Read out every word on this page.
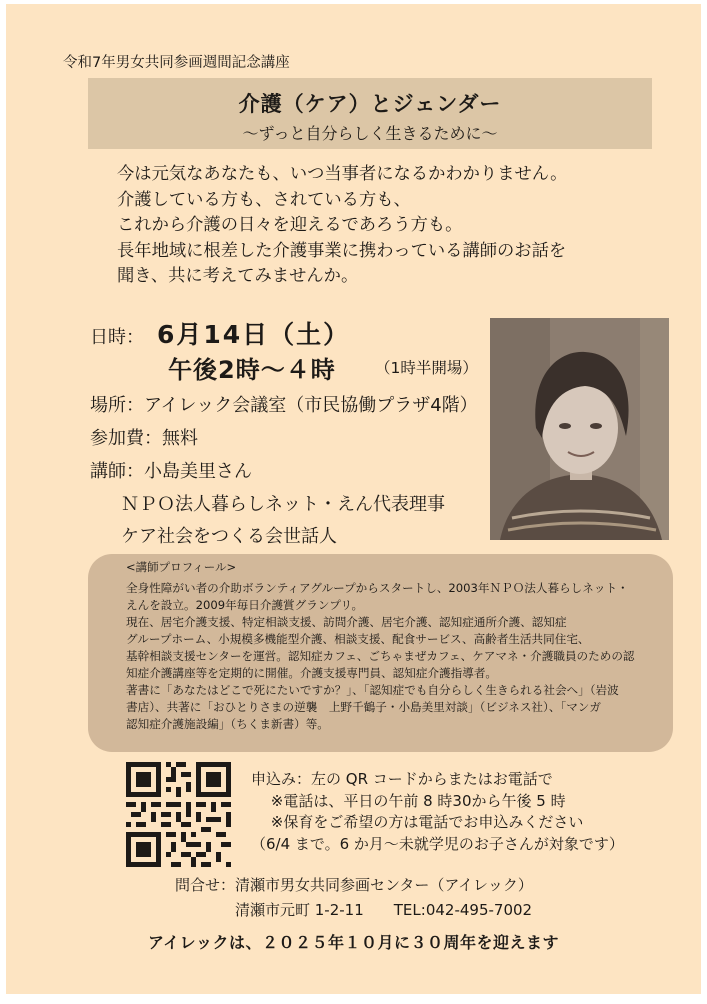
令和7年男女共同参画週間記念講座
介護（ケア）とジェンダー
～ずっと自分らしく生きるために～
今は元気なあなたも、いつ当事者になるかわかりません。
介護している方も、されている方も、
これから介護の日々を迎えるであろう方も。
長年地域に根差した介護事業に携わっている講師のお話を
聞き、共に考えてみませんか。
日時： 6月14日（土）
午後2時～４時	（1時半開場）
場所：アイレック会議室（市民協働プラザ4階）
参加費：無料
講師：小島美里さん
ＮＰＯ法人暮らしネット・えん代表理事
ケア社会をつくる会世話人
<講師プロフィール>
全身性障がい者の介助ボランティアグループからスタートし、2003年ＮＰＯ法人暮らしネット・
えんを設立。2009年毎日介護賞グランプリ。
現在、居宅介護支援、特定相談支援、訪問介護、居宅介護、認知症通所介護、認知症
グループホーム、小規模多機能型介護、相談支援、配食サービス、高齢者生活共同住宅、
基幹相談支援センターを運営。認知症カフェ、ごちゃまぜカフェ、ケアマネ・介護職員のための認
知症介護講座等を定期的に開催。介護支援専門員、認知症介護指導者。
著書に「あなたはどこで死にたいですか？」、「認知症でも自分らしく生きられる社会へ」（岩波
書店）、共著に「おひとりさまの逆襲　上野千鶴子・小島美里対談」（ビジネス社）、「マンガ
認知症介護施設編」（ちくま新書）等。
申込み：左の QR コードからまたはお電話で
　 ※電話は、平日の午前 8 時30から午後 5 時
　 ※保育をご希望の方は電話でお申込みください
（6/4 まで。6 か月～未就学児のお子さんが対象です）
問合せ：清瀬市男女共同参画センター（アイレック）
　　　　清瀬市元町 1-2-11　　TEL:042-495-7002
アイレックは、２０２５年１０月に３０周年を迎えます
